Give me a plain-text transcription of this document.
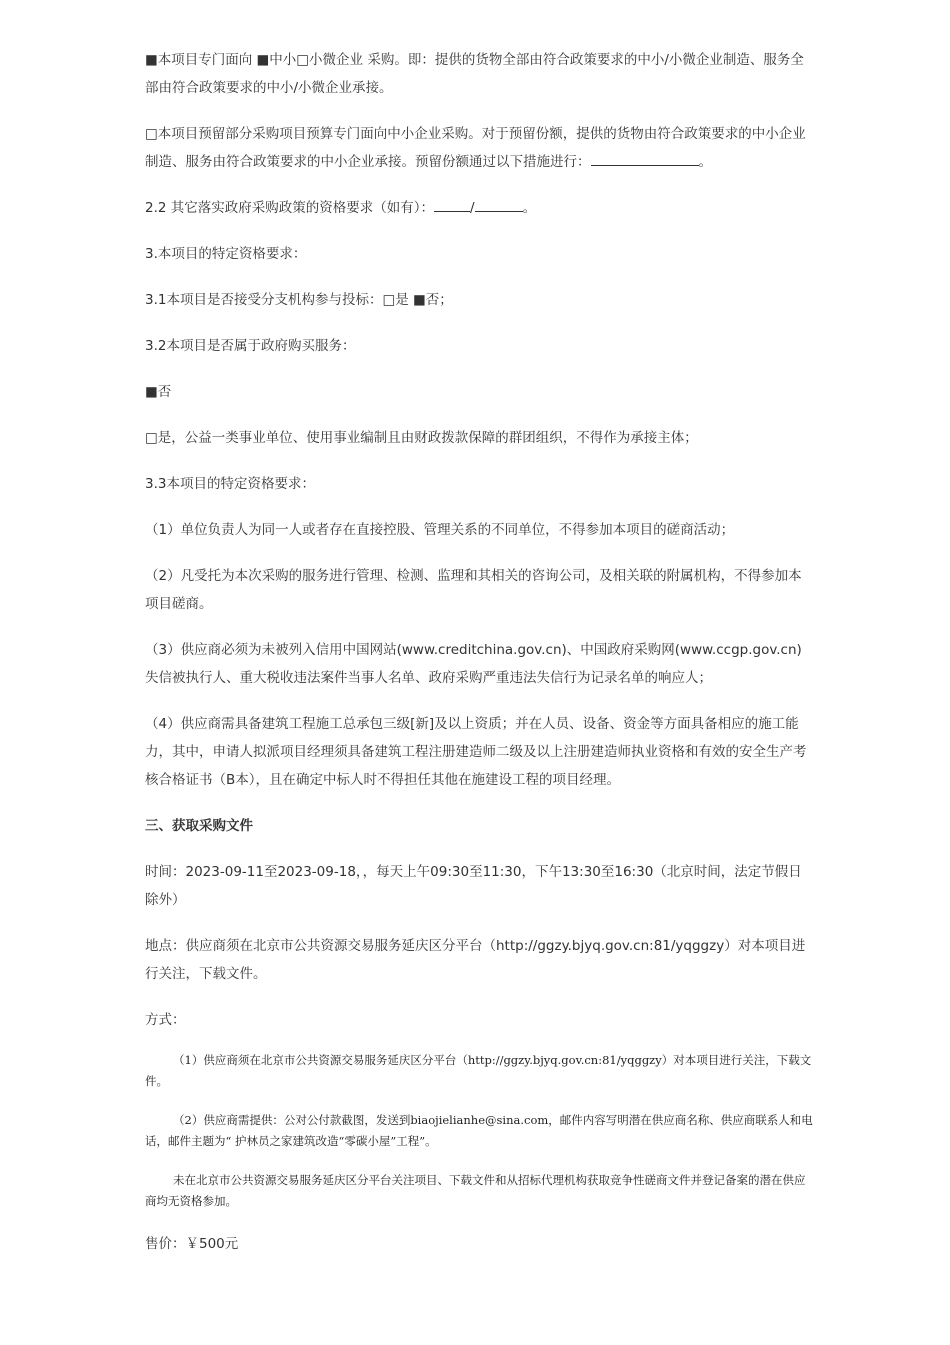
■本项目专门面向 ■中小□小微企业 采购。即：提供的货物全部由符合政策要求的中小/小微企业制造、服务全部由符合政策要求的中小/小微企业承接。

□本项目预留部分采购项目预算专门面向中小企业采购。对于预留份额，提供的货物由符合政策要求的中小企业制造、服务由符合政策要求的中小企业承接。预留份额通过以下措施进行：	。

2.2 其它落实政府采购政策的资格要求（如有）：	/	。

3.本项目的特定资格要求：

3.1本项目是否接受分支机构参与投标：□是 ■否；

3.2本项目是否属于政府购买服务：

■否

□是，公益一类事业单位、使用事业编制且由财政拨款保障的群团组织，不得作为承接主体；

3.3本项目的特定资格要求：

（1）单位负责人为同一人或者存在直接控股、管理关系的不同单位，不得参加本项目的磋商活动；

（2）凡受托为本次采购的服务进行管理、检测、监理和其相关的咨询公司，及相关联的附属机构，不得参加本项目磋商。

（3）供应商必须为未被列入信用中国网站(www.creditchina.gov.cn)、中国政府采购网(www.ccgp.gov.cn)失信被执行人、重大税收违法案件当事人名单、政府采购严重违法失信行为记录名单的响应人；

（4）供应商需具备建筑工程施工总承包三级[新]及以上资质；并在人员、设备、资金等方面具备相应的施工能力，其中，申请人拟派项目经理须具备建筑工程注册建造师二级及以上注册建造师执业资格和有效的安全生产考核合格证书（B本），且在确定中标人时不得担任其他在施建设工程的项目经理。

三、获取采购文件

时间：2023-09-11至2023-09-18，，每天上午09:30至11:30，下午13:30至16:30（北京时间，法定节假日除外）

地点：供应商须在北京市公共资源交易服务延庆区分平台（http://ggzy.bjyq.gov.cn:81/yqggzy）对本项目进行关注，下载文件。

方式：

（1）供应商须在北京市公共资源交易服务延庆区分平台（http://ggzy.bjyq.gov.cn:81/yqggzy）对本项目进行关注，下载文件。

（2）供应商需提供：公对公付款截图，发送到biaojielianhe@sina.com，邮件内容写明潜在供应商名称、供应商联系人和电话，邮件主题为“ 护林员之家建筑改造“零碳小屋”工程”。

未在北京市公共资源交易服务延庆区分平台关注项目、下载文件和从招标代理机构获取竞争性磋商文件并登记备案的潜在供应商均无资格参加。

售价：￥500元
